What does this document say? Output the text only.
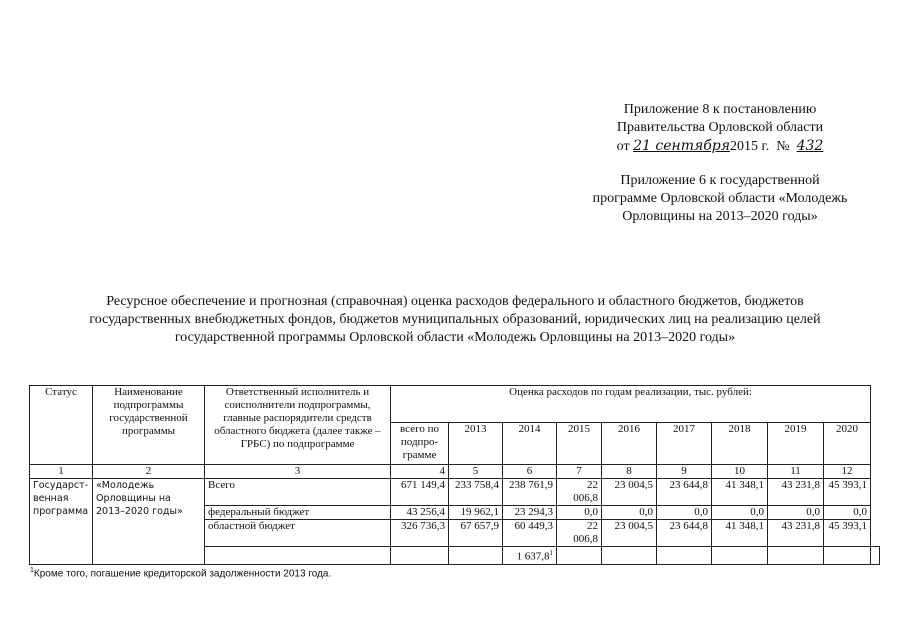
Приложение 8 к постановлению
Правительства Орловской области
от 21 сентября2015 г. № 432
Приложение 6 к государственной
программе Орловской области «Молодежь
Орловщины на 2013–2020 годы»
Ресурсное обеспечение и прогнозная (справочная) оценка расходов федерального и областного бюджетов, бюджетов
государственных внебюджетных фондов, бюджетов муниципальных образований, юридических лиц на реализацию целей
государственной программы Орловской области «Молодежь Орловщины на 2013–2020 годы»
Статус	Наименование подпрограммы государственной программы	Ответственный исполнитель и соисполнители подпрограммы, главные распорядители средств областного бюджета (далее также – ГРБС) по подпрограмме	Оценка расходов по годам реализации, тыс. рублей:									
			всего по подпро-грамме	2013	2014	2015	2016	2017	2018	2019	2020	
1	2	3	4	5	6	7	8	9	10	11	12	
Государст-венная программа	«Молодежь Орловщины на 2013–2020 годы»	Всего	671 149,4	233 758,4	238 761,9	22 006,8	23 004,5	23 644,8	41 348,1	43 231,8	45 393,1	
		федеральный бюджет	43 256,4	19 962,1	23 294,3	0,0	0,0	0,0	0,0	0,0	0,0	
		областной бюджет	326 736,3	67 657,9	60 449,3	22 006,8	23 004,5	23 644,8	41 348,1	43 231,8	45 393,1	
					1 637,8$^1$							
$^1$Кроме того, погашение кредиторской задолженности 2013 года.
